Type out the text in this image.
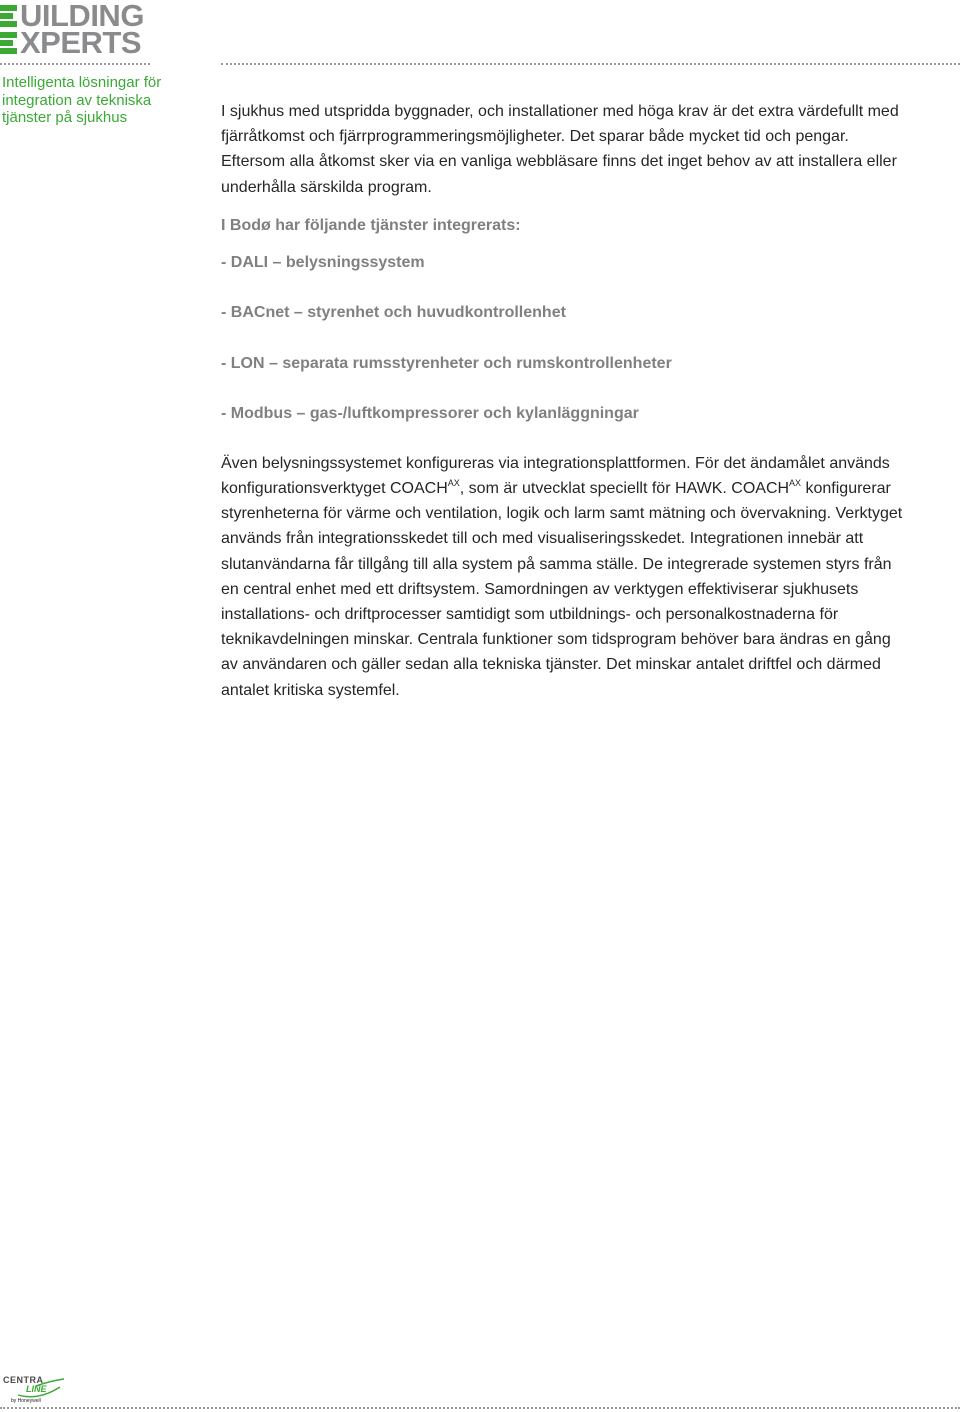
UILDING
XPERTS
Intelligenta lösningar för integration av tekniska tjänster på sjukhus	I sjukhus med utspridda byggnader, och installationer med höga krav är det extra värdefullt med fjärråtkomst och fjärrprogrammeringsmöjligheter. Det sparar både mycket tid och pengar. Eftersom alla åtkomst sker via en vanliga webbläsare finns det inget behov av att installera eller underhålla särskilda program.

I Bodø har följande tjänster integrerats:

- DALI – belysningssystem

- BACnet – styrenhet och huvudkontrollenhet

- LON – separata rumsstyrenheter och rumskontrollenheter

- Modbus – gas-/luftkompressorer och kylanläggningar

Även belysningssystemet konfigureras via integrationsplattformen. För det ändamålet används konfigurationsverktyget $COACH^{AX}$, som är utvecklat speciellt för HAWK. $COACH^{AX}$ konfigurerar styrenheterna för värme och ventilation, logik och larm samt mätning och övervakning. Verktyget används från integrationsskedet till och med visualiseringsskedet. Integrationen innebär att slutanvändarna får tillgång till alla system på samma ställe. De integrerade systemen styrs från en central enhet med ett driftsystem. Samordningen av verktygen effektiviserar sjukhusets installations- och driftprocesser samtidigt som utbildnings- och personalkostnaderna för teknikavdelningen minskar. Centrala funktioner som tidsprogram behöver bara ändras en gång av användaren och gäller sedan alla tekniska tjänster. Det minskar antalet driftfel och därmed antalet kritiska systemfel.

CENTRA
LINE
by Honeywell
